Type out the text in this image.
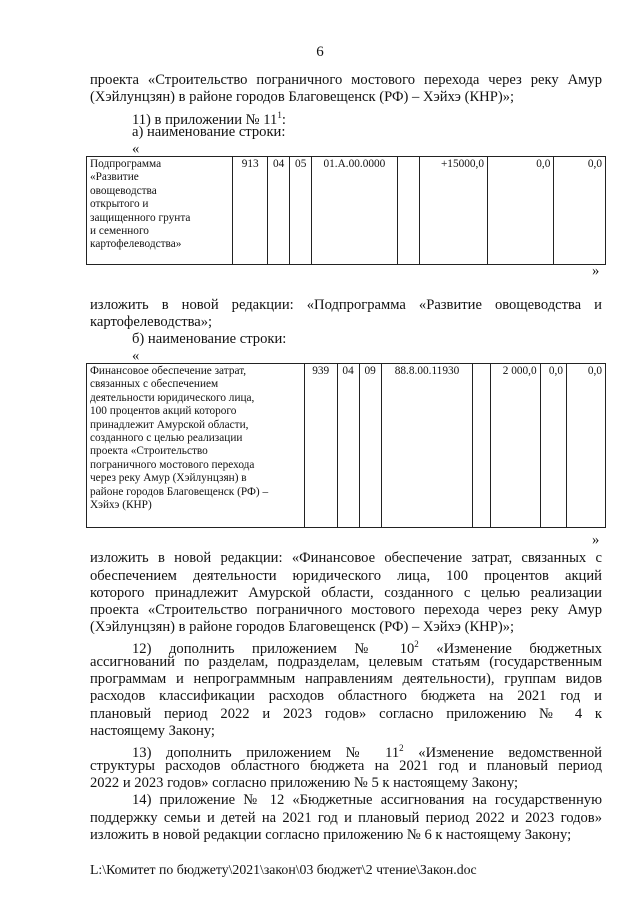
6

проекта «Строительство пограничного мостового перехода через реку Амур

(Хэйлунцзян) в районе городов Благовещенск (РФ) – Хэйхэ (КНР)»;

11) в приложении № $11^1$:

а) наименование строки:

«
Подпрограмма
«Развитие
овощеводства
открытого и
защищенного грунта
и семенного
картофелеводства»
	913	04	05	01.А.00.0000		+15000,0	0,0	0,0
»

изложить в новой редакции: «Подпрограмма «Развитие овощеводства и

картофелеводства»;

б) наименование строки:

«
Финансовое обеспечение затрат,
связанных с обеспечением
деятельности юридического лица,
100 процентов акций которого
принадлежит Амурской области,
созданного с целью реализации
проекта «Строительство
пограничного мостового перехода
через реку Амур (Хэйлунцзян) в
районе городов Благовещенск (РФ) –
Хэйхэ (КНР)
	939	04	09	88.8.00.11930		2 000,0	0,0	0,0
»

изложить в новой редакции: «Финансовое обеспечение затрат, связанных с

обеспечением деятельности юридического лица, 100 процентов акций

которого принадлежит Амурской области, созданного с целью реализации

проекта «Строительство пограничного мостового перехода через реку Амур

(Хэйлунцзян) в районе городов Благовещенск (РФ) – Хэйхэ (КНР)»;

12) дополнить приложением № $10^2$ «Изменение бюджетных

ассигнований по разделам, подразделам, целевым статьям (государственным

программам и непрограммным направлениям деятельности), группам видов

расходов классификации расходов областного бюджета на 2021 год и

плановый период 2022 и 2023 годов» согласно приложению № 4 к

настоящему Закону;

13) дополнить приложением № $11^2$ «Изменение ведомственной

структуры расходов областного бюджета на 2021 год и плановый период

2022 и 2023 годов» согласно приложению № 5 к настоящему Закону;

14) приложение № 12 «Бюджетные ассигнования на государственную

поддержку семьи и детей на 2021 год и плановый период 2022 и 2023 годов»

изложить в новой редакции согласно приложению № 6 к настоящему Закону;

L:\Комитет по бюджету\2021\закон\03 бюджет\2 чтение\Закон.doc
